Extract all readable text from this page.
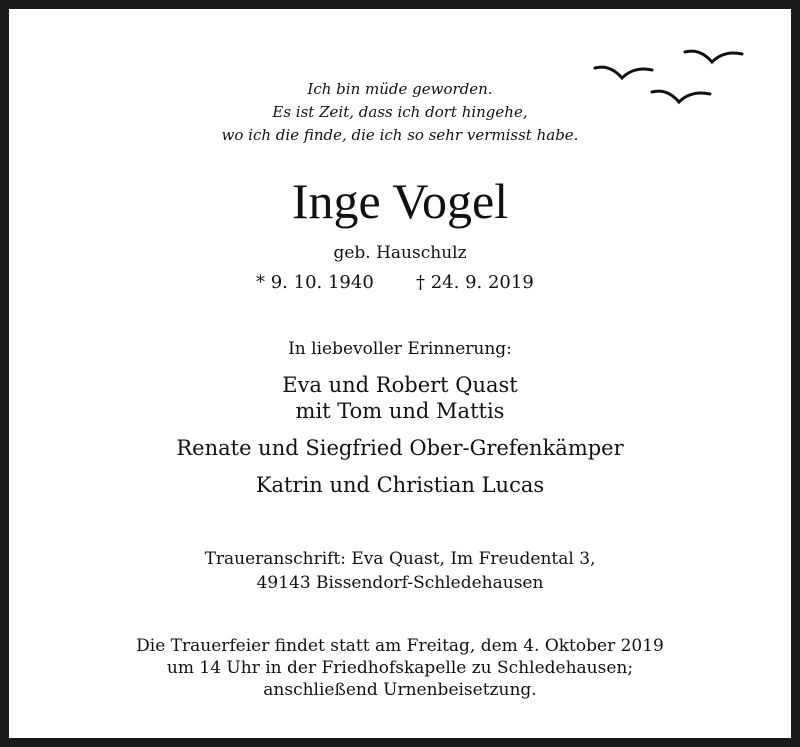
Ich bin müde geworden.
Es ist Zeit, dass ich dort hingehe,
wo ich die finde, die ich so sehr vermisst habe.
Inge Vogel
geb. Hauschulz
* 9. 10. 1940 † 24. 9. 2019
In liebevoller Erinnerung:
Eva und Robert Quast
mit Tom und Mattis
Renate und Siegfried Ober-Grefenkämper
Katrin und Christian Lucas
Traueranschrift: Eva Quast, Im Freudental 3,
49143 Bissendorf-Schledehausen
Die Trauerfeier findet statt am Freitag, dem 4. Oktober 2019
um 14 Uhr in der Friedhofskapelle zu Schledehausen;
anschließend Urnenbeisetzung.
